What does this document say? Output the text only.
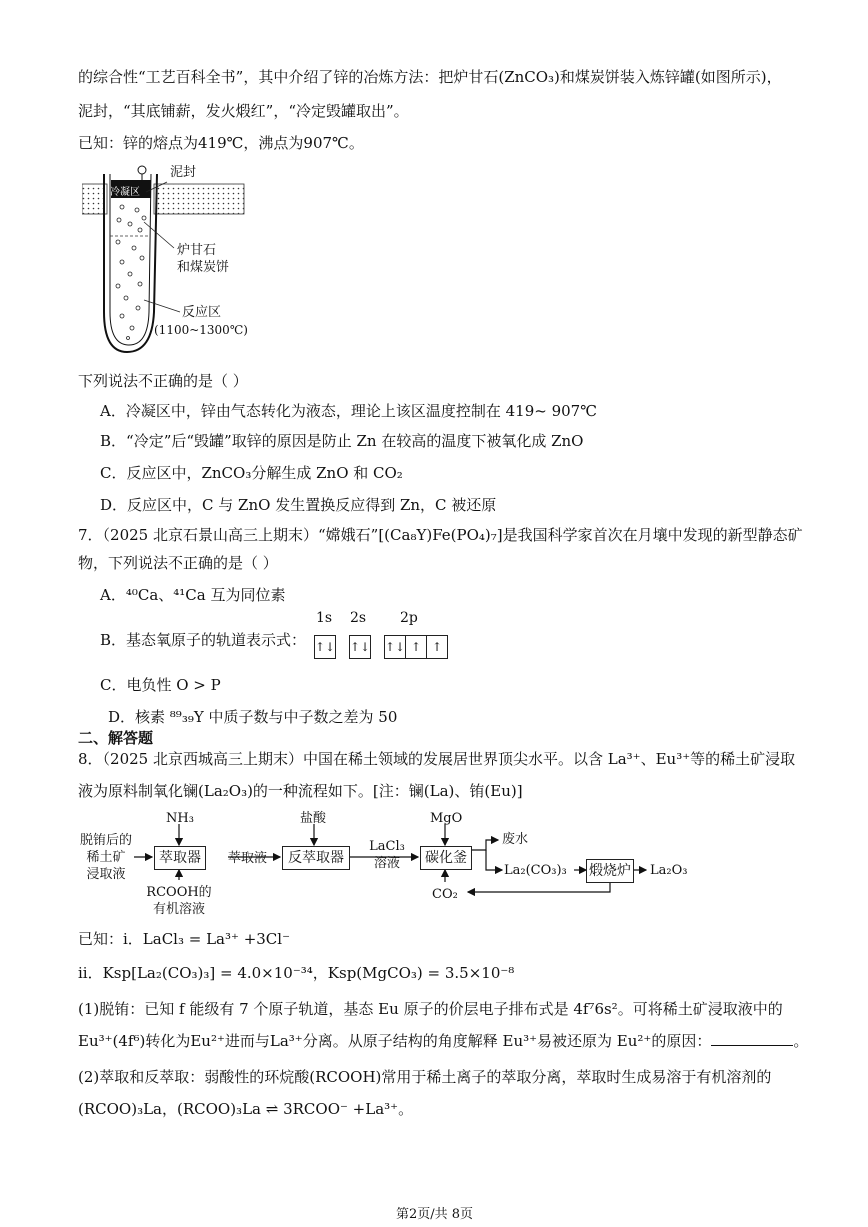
的综合性“工艺百科全书”，其中介绍了锌的冶炼方法：把炉甘石(ZnCO₃)和煤炭饼装入炼锌罐(如图所示)，
泥封，“其底铺薪，发火煅红”，“冷定毁罐取出”。
已知：锌的熔点为419℃，沸点为907℃。
泥封
冷凝区
炉甘石
和煤炭饼
反应区
(1100~1300℃)
下列说法不正确的是（ ）
A．冷凝区中，锌由气态转化为液态，理论上该区温度控制在 419~ 907℃
B．“冷定”后“毁罐”取锌的原因是防止 Zn 在较高的温度下被氧化成 ZnO
C．反应区中，ZnCO₃分解生成 ZnO 和 CO₂
D．反应区中，C 与 ZnO 发生置换反应得到 Zn，C 被还原
7．（2025 北京石景山高三上期末）“嫦娥石”[(Ca₈Y)Fe(PO₄)₇]是我国科学家首次在月壤中发现的新型静态矿
物，下列说法不正确的是（ ）
A．⁴⁰Ca、⁴¹Ca 互为同位素
B．基态氧原子的轨道表示式：
1s 2s 2p
↑↓ ↑↓ ↑↓ ↑ ↑
C．电负性 O > P
D．核素 ⁸⁹₃₉Y 中质子数与中子数之差为 50
二、解答题
8．（2025 北京西城高三上期末）中国在稀土领域的发展居世界顶尖水平。以含 La³⁺、Eu³⁺等的稀土矿浸取
液为原料制氧化镧(La₂O₃)的一种流程如下。[注：镧(La)、铕(Eu)]
脱铕后的
稀土矿
浸取液
NH₃
萃取器
RCOOH的
有机溶液
萃取液
盐酸
反萃取器
LaCl₃
溶液
MgO
碳化釜
废水
La₂(CO₃)₃ 煅烧炉 La₂O₃
CO₂
已知：i．LaCl₃ = La³⁺ +3Cl⁻
ii．Ksp[La₂(CO₃)₃] = 4.0×10⁻³⁴，Ksp(MgCO₃) = 3.5×10⁻⁸
(1)脱铕：已知 f 能级有 7 个原子轨道，基态 Eu 原子的价层电子排布式是 4f⁷6s²。可将稀土矿浸取液中的
Eu³⁺(4f⁶)转化为Eu²⁺进而与La³⁺分离。从原子结构的角度解释 Eu³⁺易被还原为 Eu²⁺的原因：	。
(2)萃取和反萃取：弱酸性的环烷酸(RCOOH)常用于稀土离子的萃取分离，萃取时生成易溶于有机溶剂的
(RCOO)₃La，(RCOO)₃La ⇌ 3RCOO⁻ +La³⁺。
第2页/共 8页
